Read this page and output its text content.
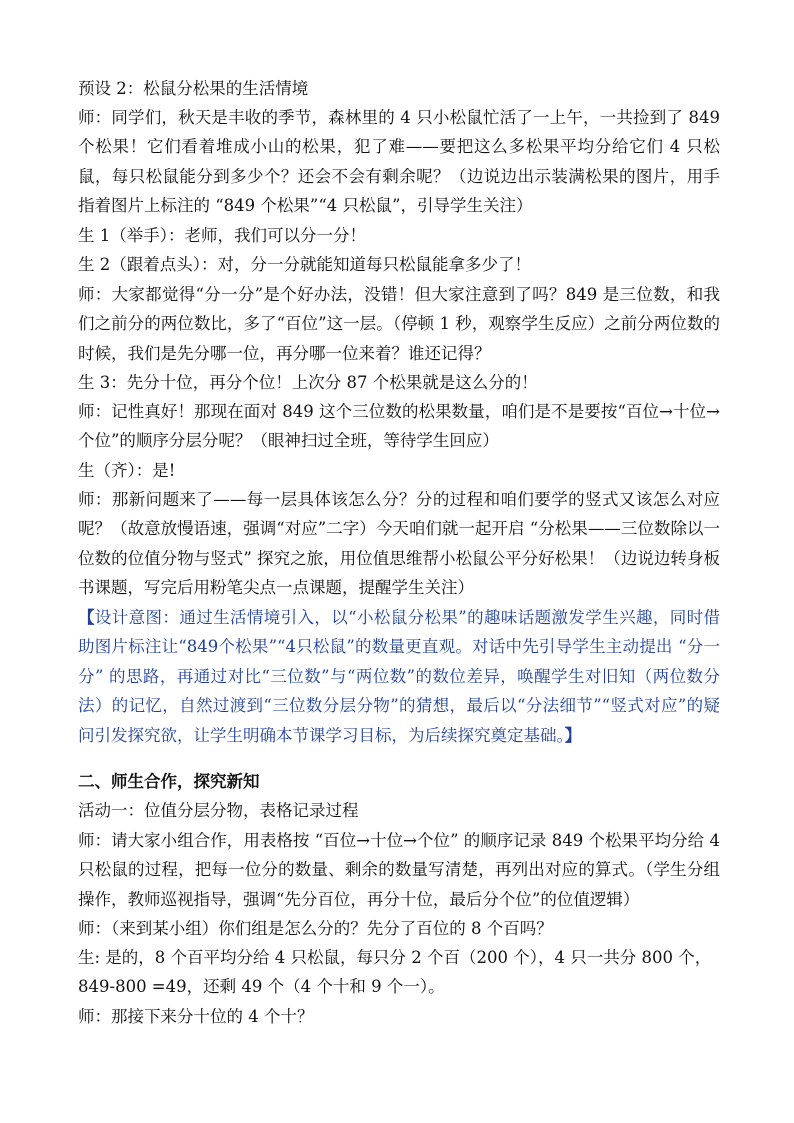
预设 2：松鼠分松果的生活情境

师：同学们，秋天是丰收的季节，森林里的 4 只小松鼠忙活了一上午，一共捡到了 849 个松果！它们看着堆成小山的松果，犯了难——要把这么多松果平均分给它们 4 只松鼠，每只松鼠能分到多少个？还会不会有剩余呢？（边说边出示装满松果的图片，用手指着图片上标注的 “849 个松果”“4 只松鼠”，引导学生关注）

生 1（举手）：老师，我们可以分一分！

生 2（跟着点头）：对，分一分就能知道每只松鼠能拿多少了！

师：大家都觉得“分一分”是个好办法，没错！但大家注意到了吗？849 是三位数，和我们之前分的两位数比，多了“百位”这一层。（停顿 1 秒，观察学生反应）之前分两位数的时候，我们是先分哪一位，再分哪一位来着？谁还记得？

生 3：先分十位，再分个位！上次分 87 个松果就是这么分的！

师：记性真好！那现在面对 849 这个三位数的松果数量，咱们是不是要按“百位→十位→个位”的顺序分层分呢？（眼神扫过全班，等待学生回应）

生（齐）：是!

师：那新问题来了——每一层具体该怎么分？分的过程和咱们要学的竖式又该怎么对应呢？（故意放慢语速，强调“对应”二字）今天咱们就一起开启 “分松果——三位数除以一位数的位值分物与竖式” 探究之旅，用位值思维帮小松鼠公平分好松果！（边说边转身板书课题，写完后用粉笔尖点一点课题，提醒学生关注）

【设计意图：通过生活情境引入，以“小松鼠分松果”的趣味话题激发学生兴趣，同时借助图片标注让“849个松果”“4只松鼠”的数量更直观。对话中先引导学生主动提出 “分一分” 的思路，再通过对比“三位数”与“两位数”的数位差异，唤醒学生对旧知（两位数分法）的记忆，自然过渡到“三位数分层分物”的猜想，最后以“分法细节”“竖式对应”的疑问引发探究欲，让学生明确本节课学习目标，为后续探究奠定基础。】

二、师生合作，探究新知

活动一：位值分层分物，表格记录过程

师：请大家小组合作，用表格按 “百位→十位→个位” 的顺序记录 849 个松果平均分给 4 只松鼠的过程，把每一位分的数量、剩余的数量写清楚，再列出对应的算式。（学生分组操作，教师巡视指导，强调“先分百位，再分十位，最后分个位”的位值逻辑）

师：（来到某小组）你们组是怎么分的？先分了百位的 8 个百吗？

生: 是的，8 个百平均分给 4 只松鼠，每只分 2 个百（200 个），4 只一共分 800 个，849-800 =49，还剩 49 个（4 个十和 9 个一）。

师：那接下来分十位的 4 个十？
